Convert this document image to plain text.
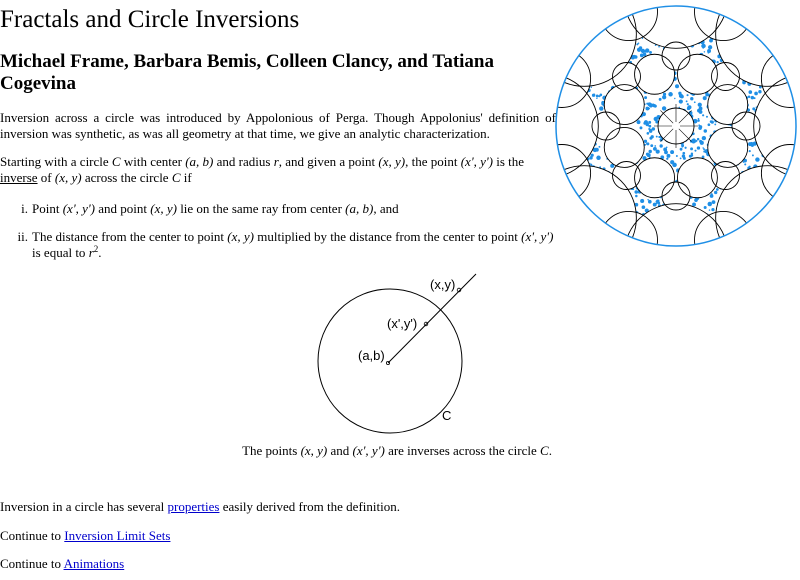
Fractals and Circle Inversions
Michael Frame, Barbara Bemis, Colleen Clancy, and Tatiana Cogevina

Inversion across a circle was introduced by Appolonious of Perga. Though Appolonius' definition of inversion was synthetic, as was all geometry at that time, we give an analytic characterization.

Starting with a circle C with center (a, b) and radius r, and given a point (x, y), the point (x', y') is the inverse of (x, y) across the circle C if

i. Point (x', y') and point (x, y) lie on the same ray from center (a, b), and
ii. The distance from the center to point (x, y) multiplied by the distance from the center to point (x', y') is equal to $r^2$.
(x,y)
(x',y')
(a,b)
C

The points (x, y) and (x', y') are inverses across the circle C.

Inversion in a circle has several properties easily derived from the definition.

Continue to Inversion Limit Sets

Continue to Animations
